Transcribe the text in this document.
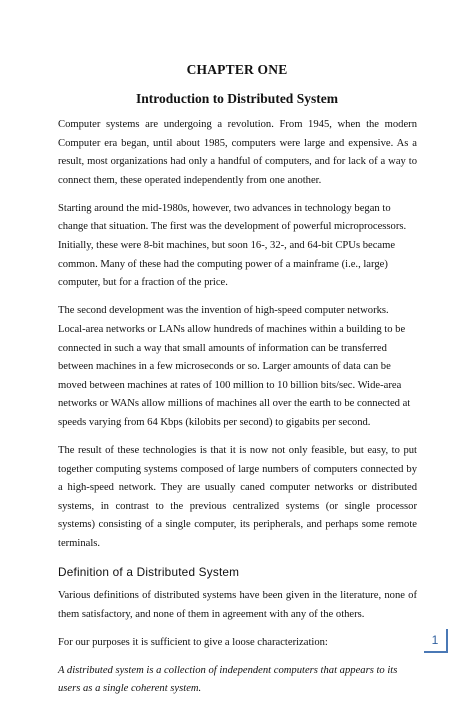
CHAPTER ONE
Introduction to Distributed System

Computer systems are undergoing a revolution. From 1945, when the modern Computer era began, until about 1985, computers were large and expensive. As a result, most organizations had only a handful of computers, and for lack of a way to connect them, these operated independently from one another.

Starting around the mid-1980s, however, two advances in technology began to change that situation. The first was the development of powerful microprocessors. Initially, these were 8-bit machines, but soon 16-, 32-, and 64-bit CPUs became common. Many of these had the computing power of a mainframe (i.e., large) computer, but for a fraction of the price.

The second development was the invention of high-speed computer networks. Local-area networks or LANs allow hundreds of machines within a building to be connected in such a way that small amounts of information can be transferred between machines in a few microseconds or so. Larger amounts of data can be moved between machines at rates of 100 million to 10 billion bits/sec. Wide-area networks or WANs allow millions of machines all over the earth to be connected at speeds varying from 64 Kbps (kilobits per second) to gigabits per second.

The result of these technologies is that it is now not only feasible, but easy, to put together computing systems composed of large numbers of computers connected by a high-speed network. They are usually caned computer networks or distributed systems, in contrast to the previous centralized systems (or single processor systems) consisting of a single computer, its peripherals, and perhaps some remote terminals.

Definition of a Distributed System

Various definitions of distributed systems have been given in the literature, none of them satisfactory, and none of them in agreement with any of the others.

For our purposes it is sufficient to give a loose characterization:

A distributed system is a collection of independent computers that appears to its users as a single coherent system.

1
